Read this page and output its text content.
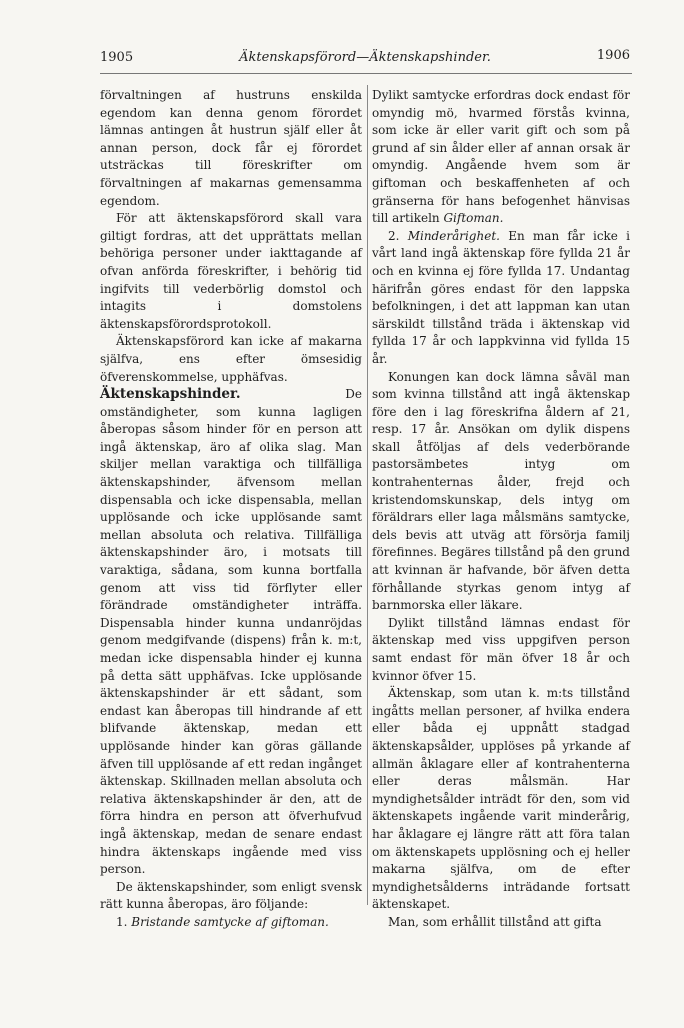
1905	Äktenskapsförord—Äktenskapshinder.	1906

förvaltningen af hustruns enskilda egendom kan denna genom förordet lämnas antingen åt hustrun själf eller åt annan person, dock får ej förordet utsträckas till föreskrifter om förvaltningen af makarnas gemensamma egendom.

För att äktenskapsförord skall vara giltigt fordras, att det upprättats mellan behöriga personer under iakttagande af ofvan anförda föreskrifter, i behörig tid ingifvits till vederbörlig domstol och intagits i domstolens äktenskapsförordsprotokoll.

Äktenskapsförord kan icke af makarna själfva, ens efter ömsesidig öfverenskommelse, upphäfvas.

Äktenskapshinder. De omständigheter, som kunna lagligen åberopas såsom hinder för en person att ingå äktenskap, äro af olika slag. Man skiljer mellan varaktiga och tillfälliga äktenskapshinder, äfvensom mellan dispensabla och icke dispensabla, mellan upplösande och icke upplösande samt mellan absoluta och relativa. Tillfälliga äktenskapshinder äro, i motsats till varaktiga, sådana, som kunna bortfalla genom att viss tid förflyter eller förändrade omständigheter inträffa. Dispensabla hinder kunna undanröjdas genom medgifvande (dispens) från k. m:t, medan icke dispensabla hinder ej kunna på detta sätt upphäfvas. Icke upplösande äktenskapshinder är ett sådant, som endast kan åberopas till hindrande af ett blifvande äktenskap, medan ett upplösande hinder kan göras gällande äfven till upplösande af ett redan ingånget äktenskap. Skillnaden mellan absoluta och relativa äktenskapshinder är den, att de förra hindra en person att öfverhufvud ingå äktenskap, medan de senare endast hindra äktenskaps ingående med viss person.

De äktenskapshinder, som enligt svensk rätt kunna åberopas, äro följande:

1. Bristande samtycke af giftoman.

Dylikt samtycke erfordras dock endast för omyndig mö, hvarmed förstås kvinna, som icke är eller varit gift och som på grund af sin ålder eller af annan orsak är omyndig. Angående hvem som är giftoman och beskaffenheten af och gränserna för hans befogenhet hänvisas till artikeln Giftoman.

2. Minderårighet. En man får icke i vårt land ingå äktenskap före fyllda 21 år och en kvinna ej före fyllda 17. Undantag härifrån göres endast för den lappska befolkningen, i det att lappman kan utan särskildt tillstånd träda i äktenskap vid fyllda 17 år och lappkvinna vid fyllda 15 år.

Konungen kan dock lämna såväl man som kvinna tillstånd att ingå äktenskap före den i lag föreskrifna åldern af 21, resp. 17 år. Ansökan om dylik dispens skall åtföljas af dels vederbörande pastorsämbetes intyg om kontrahenternas ålder, frejd och kristendomskunskap, dels intyg om föräldrars eller laga målsmäns samtycke, dels bevis att utväg att försörja familj förefinnes. Begäres tillstånd på den grund att kvinnan är hafvande, bör äfven detta förhållande styrkas genom intyg af barnmorska eller läkare.

Dylikt tillstånd lämnas endast för äktenskap med viss uppgifven person samt endast för män öfver 18 år och kvinnor öfver 15.

Äktenskap, som utan k. m:ts tillstånd ingåtts mellan personer, af hvilka endera eller båda ej uppnått stadgad äktenskapsålder, upplöses på yrkande af allmän åklagare eller af kontrahenterna eller deras målsmän. Har myndighetsålder inträdt för den, som vid äktenskapets ingående varit minderårig, har åklagare ej längre rätt att föra talan om äktenskapets upplösning och ej heller makarna själfva, om de efter myndighetsålderns inträdande fortsatt äktenskapet.

Man, som erhållit tillstånd att gifta
